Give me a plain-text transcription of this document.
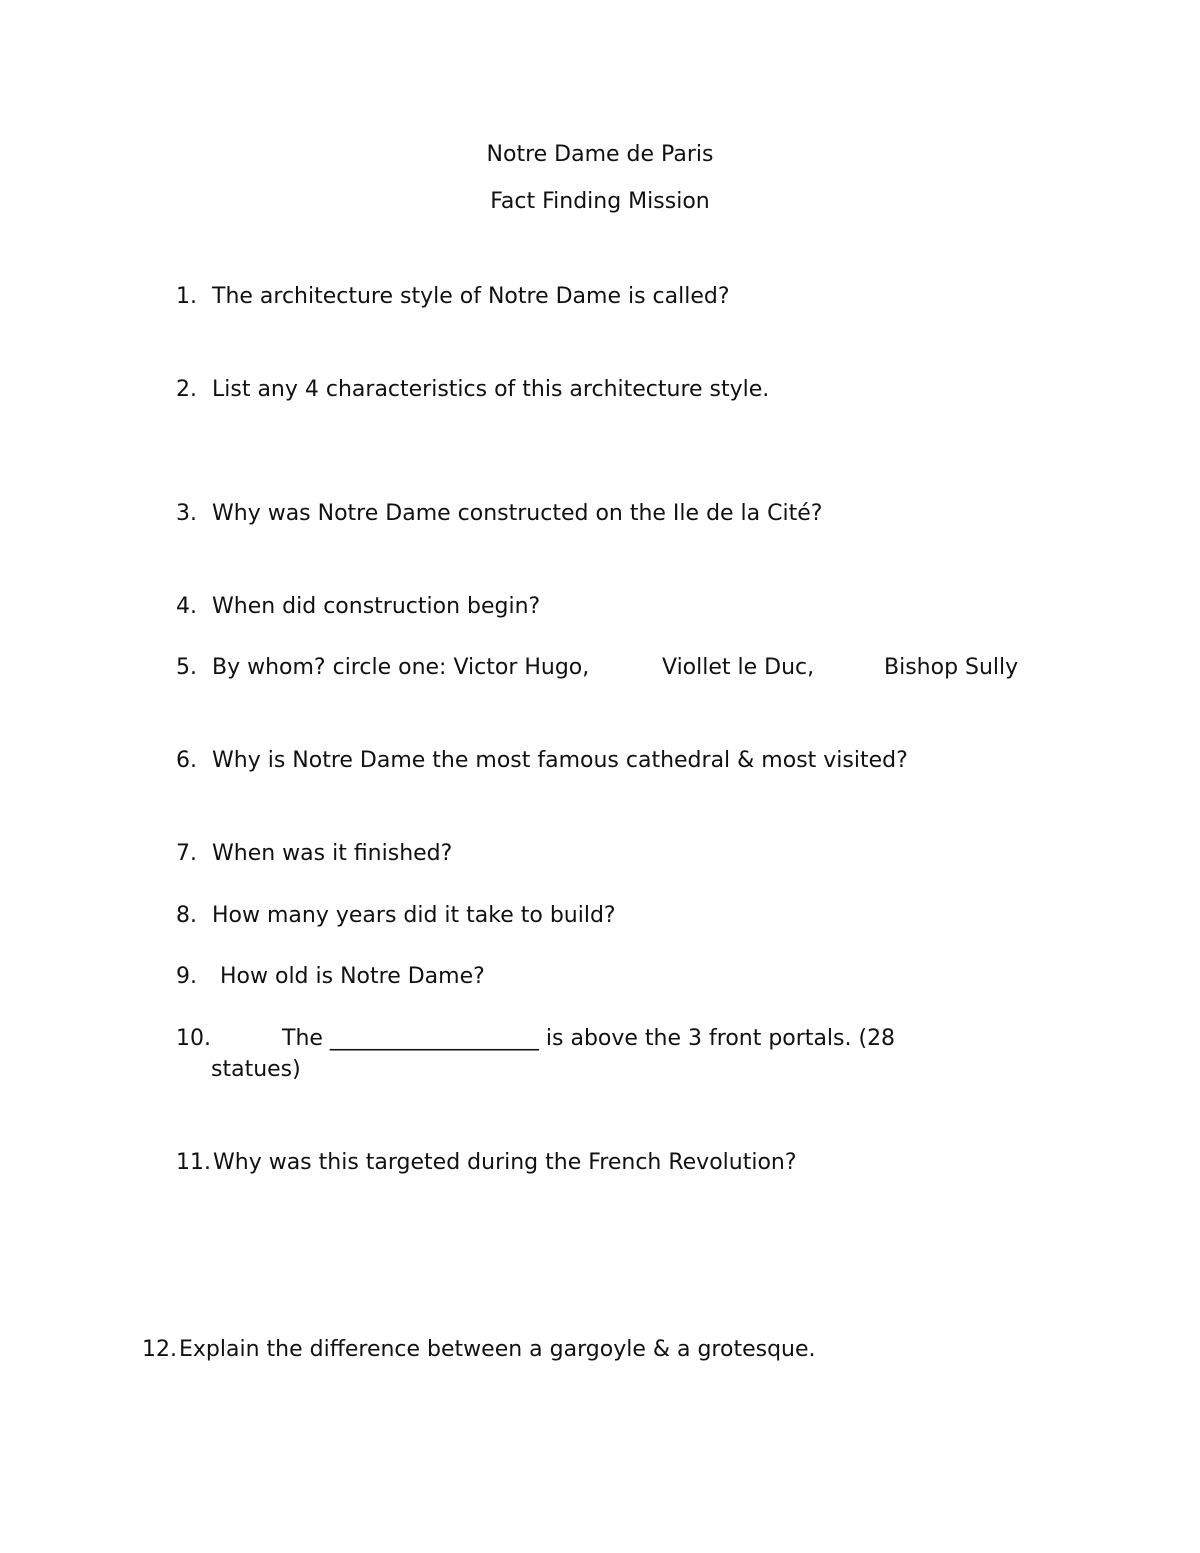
Notre Dame de Paris
Fact Finding Mission
1. The architecture style of Notre Dame is called?
2. List any 4 characteristics of this architecture style.
3. Why was Notre Dame constructed on the Ile de la Cité?
4. When did construction begin?
5. By whom? circle one: Victor Hugo,	Viollet le Duc,	Bishop Sully
6. Why is Notre Dame the most famous cathedral & most visited?
7. When was it finished?
8. How many years did it take to build?
9. How old is Notre Dame?
10.	The ___________________ is above the 3 front portals. (28
statues)
11. Why was this targeted during the French Revolution?
12. Explain the difference between a gargoyle & a grotesque.
